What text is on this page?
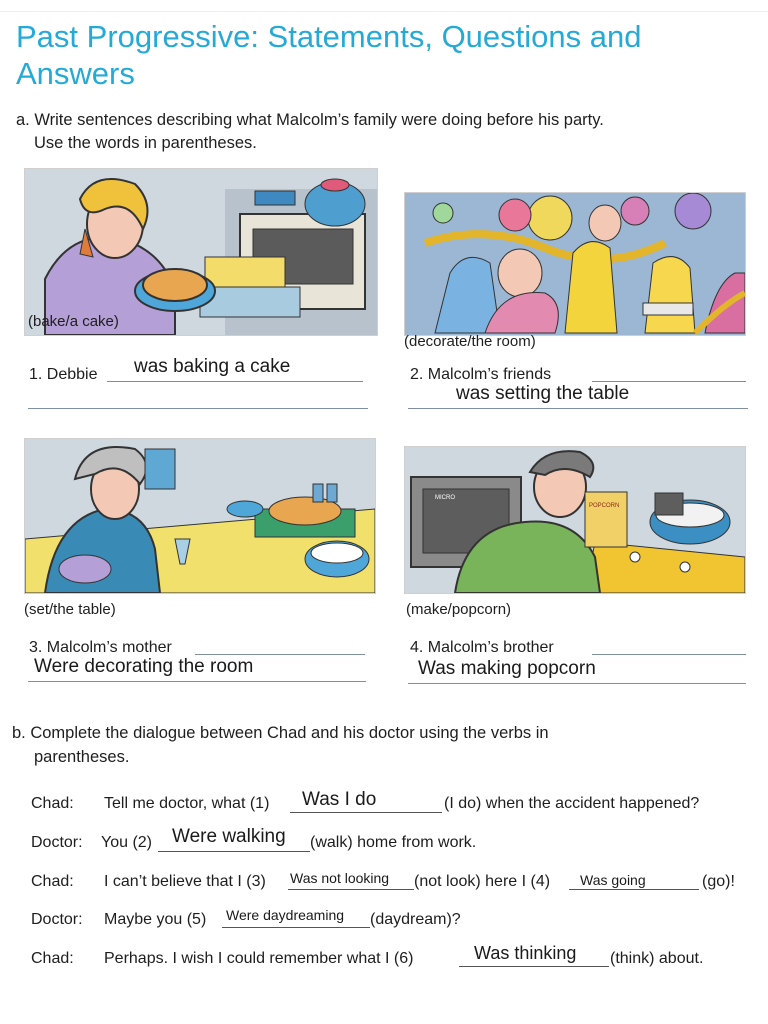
Past Progressive: Statements, Questions and Answers
a. Write sentences describing what Malcolm’s family were doing before his party.
Use the words in parentheses.
(bake/a cake)
(decorate/the room)
1. Debbie was baking a cake	2. Malcolm’s friends
was setting the table
(set/the table)
MICRO
POPCORN
(make/popcorn)
3. Malcolm’s mother
Were decorating the room
4. Malcolm’s brother
Was making popcorn
b. Complete the dialogue between Chad and his doctor using the verbs in
parentheses.
Chad: Tell me doctor, what (1) Was I do	(I do) when the accident happened?
Doctor: You (2) Were walking (walk) home from work.
Chad: I can’t believe that I (3) Was not looking (not look) here I (4) Was going	(go)!
Doctor: Maybe you (5) Were daydreaming (daydream)?
Chad: Perhaps. I wish I could remember what I (6)	Was thinking (think) about.
